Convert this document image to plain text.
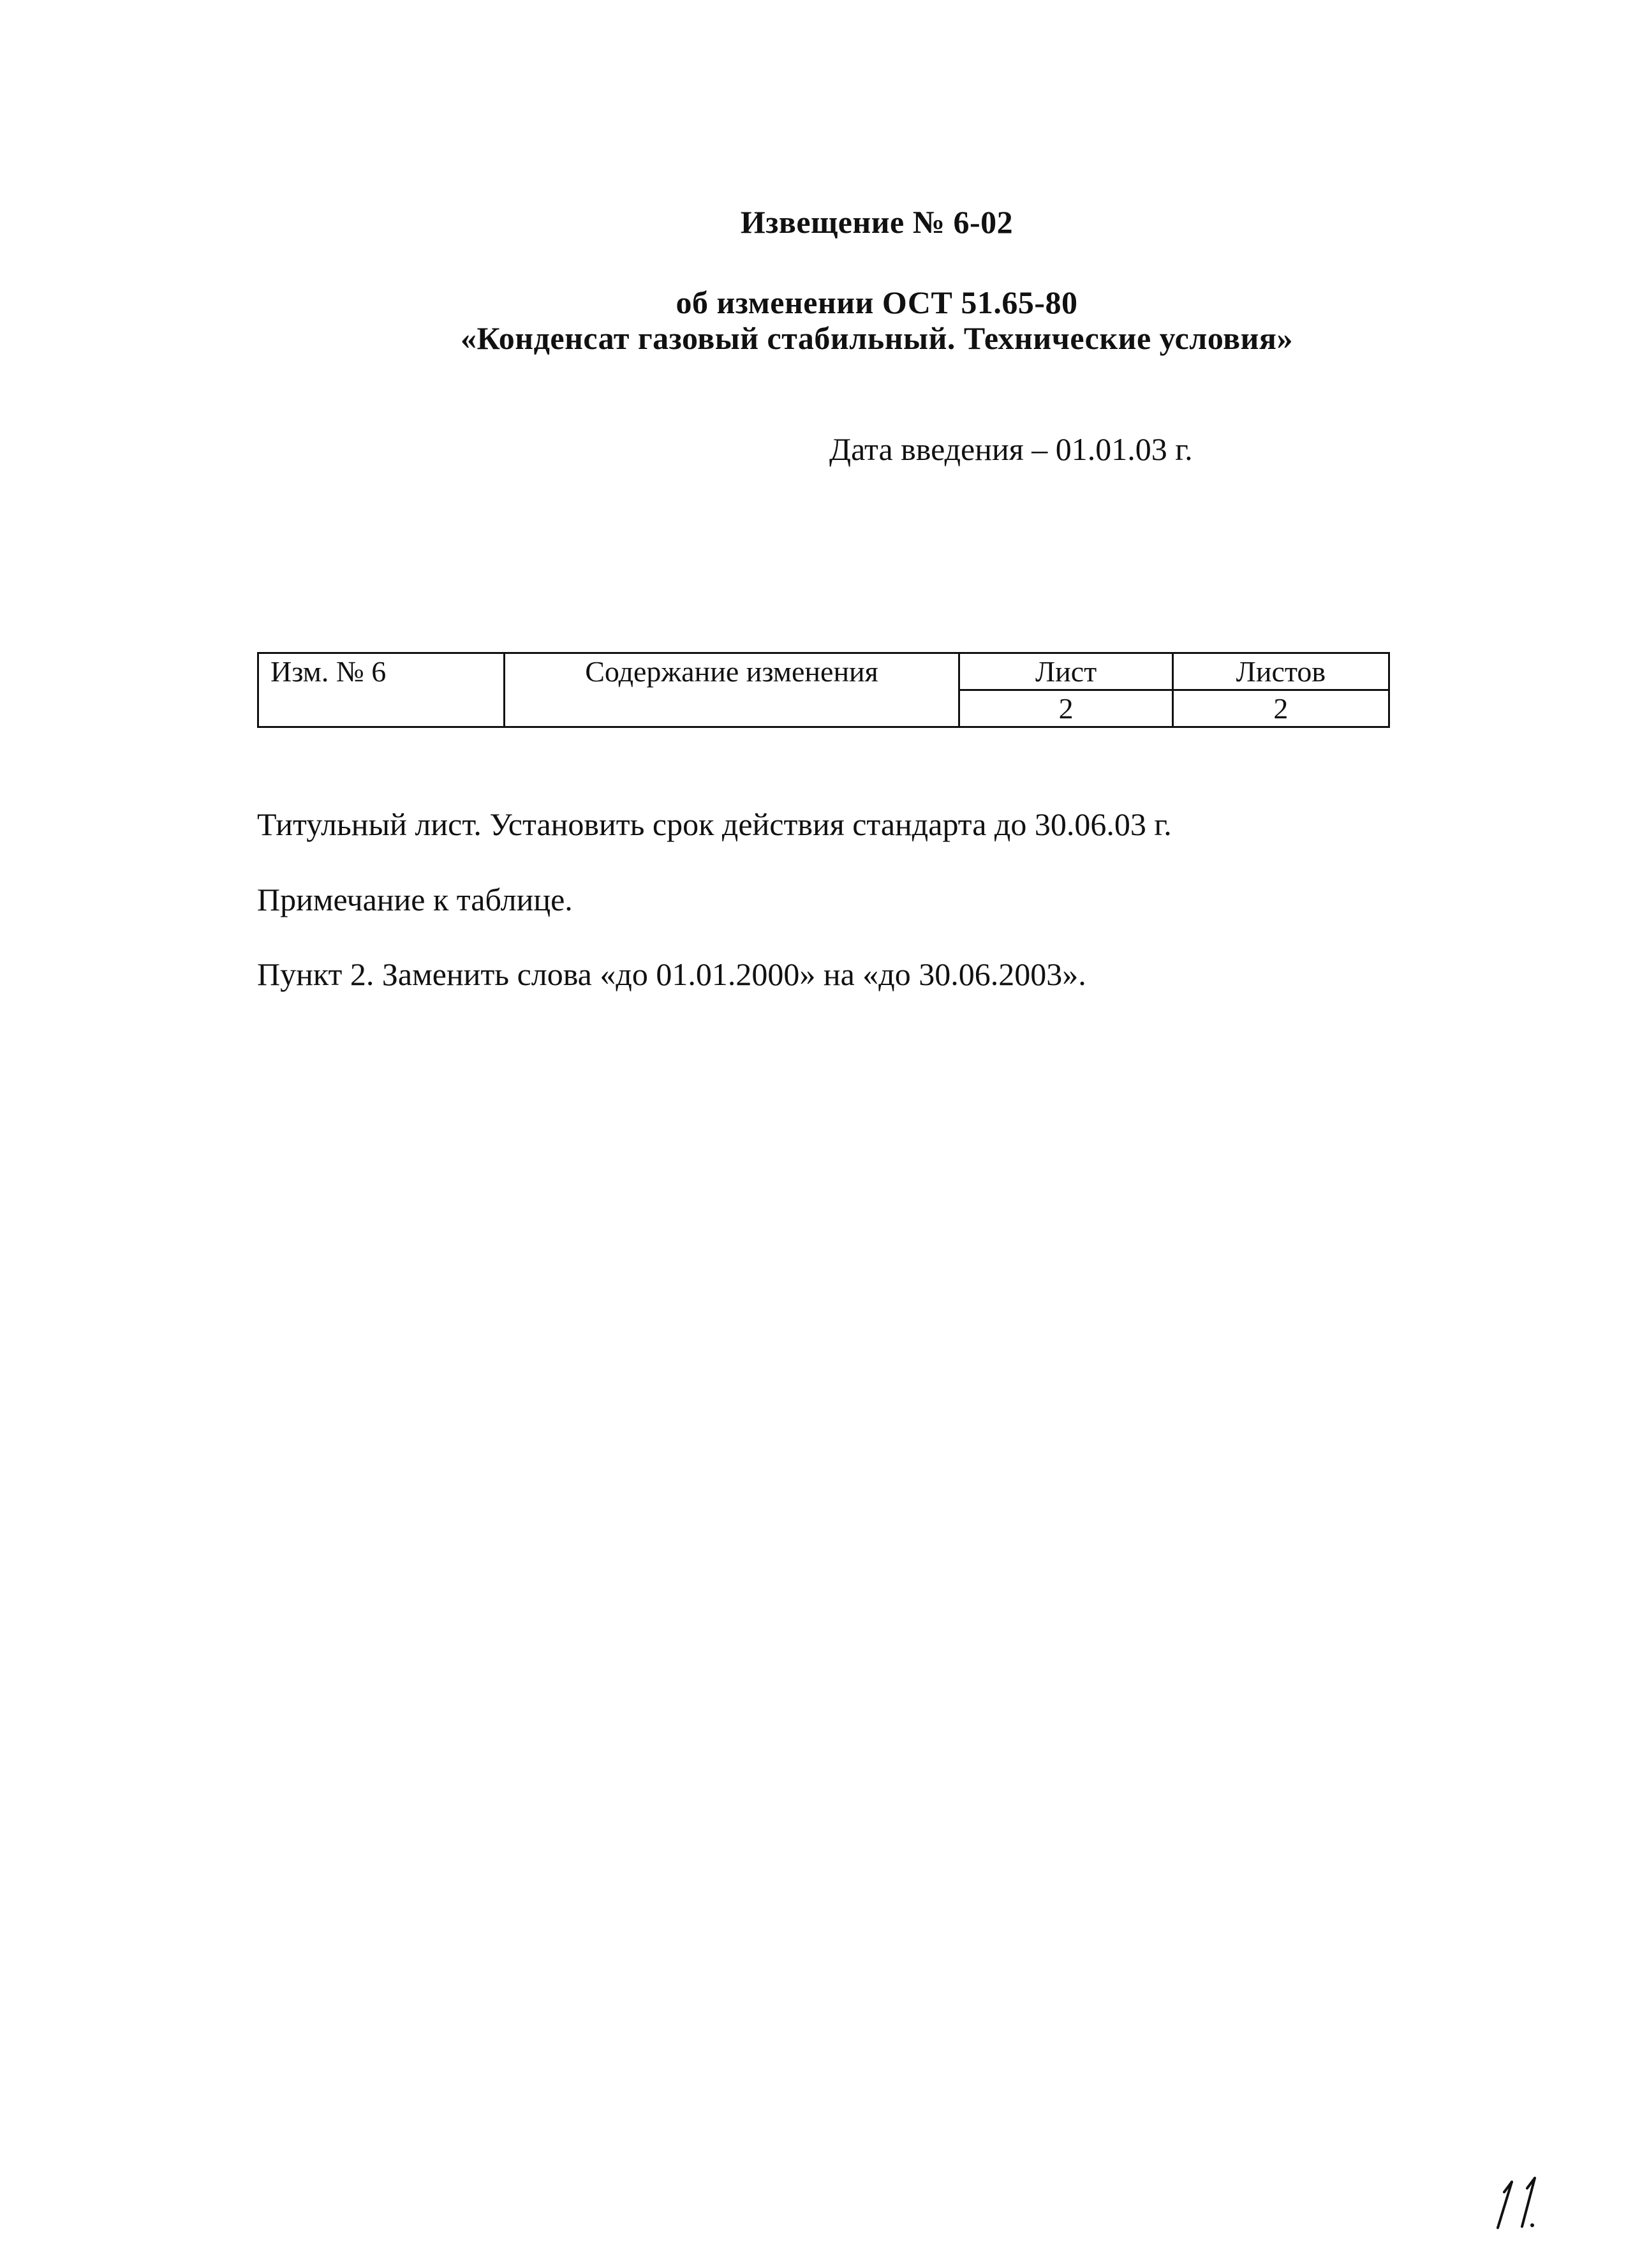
Извещение № 6-02
об изменении ОСТ 51.65-80
«Конденсат газовый стабильный. Технические условия»
Дата введения – 01.01.03 г.
Изм. № 6	Содержание изменения	Лист	Листов
		2	2
Титульный лист. Установить срок действия стандарта до 30.06.03 г.
Примечание к таблице.
Пункт 2. Заменить слова «до 01.01.2000» на «до 30.06.2003».
